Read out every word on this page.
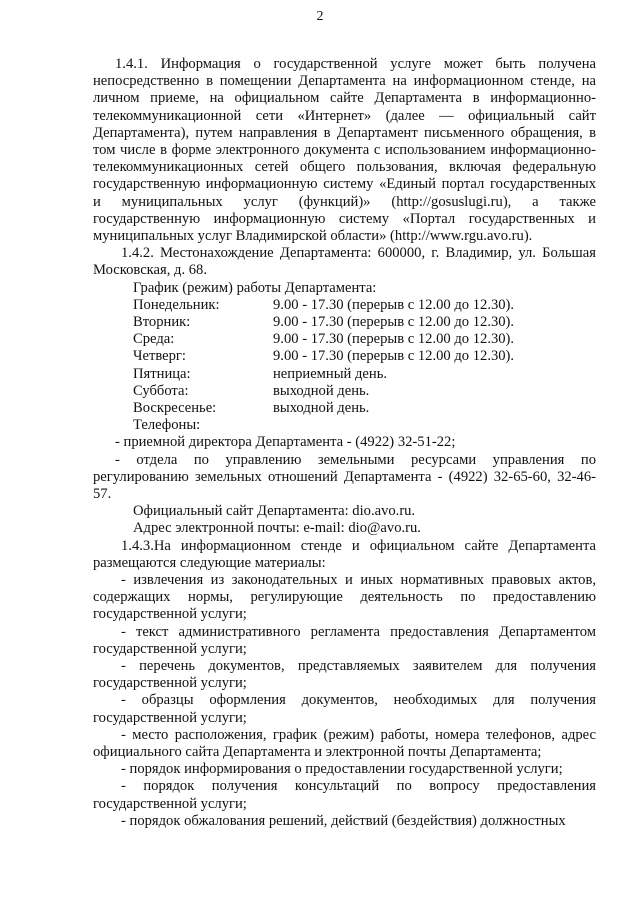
2

1.4.1. Информация о государственной услуге может быть получена непосредственно в помещении Департамента на информационном стенде, на личном приеме, на официальном сайте Департамента в информационно-телекоммуникационной сети «Интернет» (далее — официальный сайт Департамента), путем направления в Департамент письменного обращения, в том числе в форме электронного документа с использованием информационно-телекоммуникационных сетей общего пользования, включая федеральную государственную информационную систему «Единый портал государственных и муниципальных услуг (функций)» (http://gosuslugi.ru), а также государственную информационную систему «Портал государственных и муниципальных услуг Владимирской области» (http://www.rgu.avo.ru).

1.4.2. Местонахождение Департамента: 600000, г. Владимир, ул. Большая Московская, д. 68.

График (режим) работы Департамента:
Понедельник:	9.00 - 17.30 (перерыв с 12.00 до 12.30).
Вторник:	9.00 - 17.30 (перерыв с 12.00 до 12.30).
Среда:	9.00 - 17.30 (перерыв с 12.00 до 12.30).
Четверг:	9.00 - 17.30 (перерыв с 12.00 до 12.30).
Пятница:	неприемный день.
Суббота:	выходной день.
Воскресенье:	выходной день.
Телефоны:

- приемной директора Департамента - (4922) 32-51-22;

- отдела по управлению земельными ресурсами управления по регулированию земельных отношений Департамента - (4922) 32-65-60, 32-46-57.

Официальный сайт Департамента: dio.avo.ru.
Адрес электронной почты: e-mail: dio@avo.ru.

1.4.3.На информационном стенде и официальном сайте Департамента размещаются следующие материалы:

- извлечения из законодательных и иных нормативных правовых актов, содержащих нормы, регулирующие деятельность по предоставлению государственной услуги;

- текст административного регламента предоставления Департаментом государственной услуги;

- перечень документов, представляемых заявителем для получения государственной услуги;

- образцы оформления документов, необходимых для получения государственной услуги;

- место расположения, график (режим) работы, номера телефонов, адрес официального сайта Департамента и электронной почты Департамента;

- порядок информирования о предоставлении государственной услуги;

- порядок получения консультаций по вопросу предоставления государственной услуги;

- порядок обжалования решений, действий (бездействия) должностных
